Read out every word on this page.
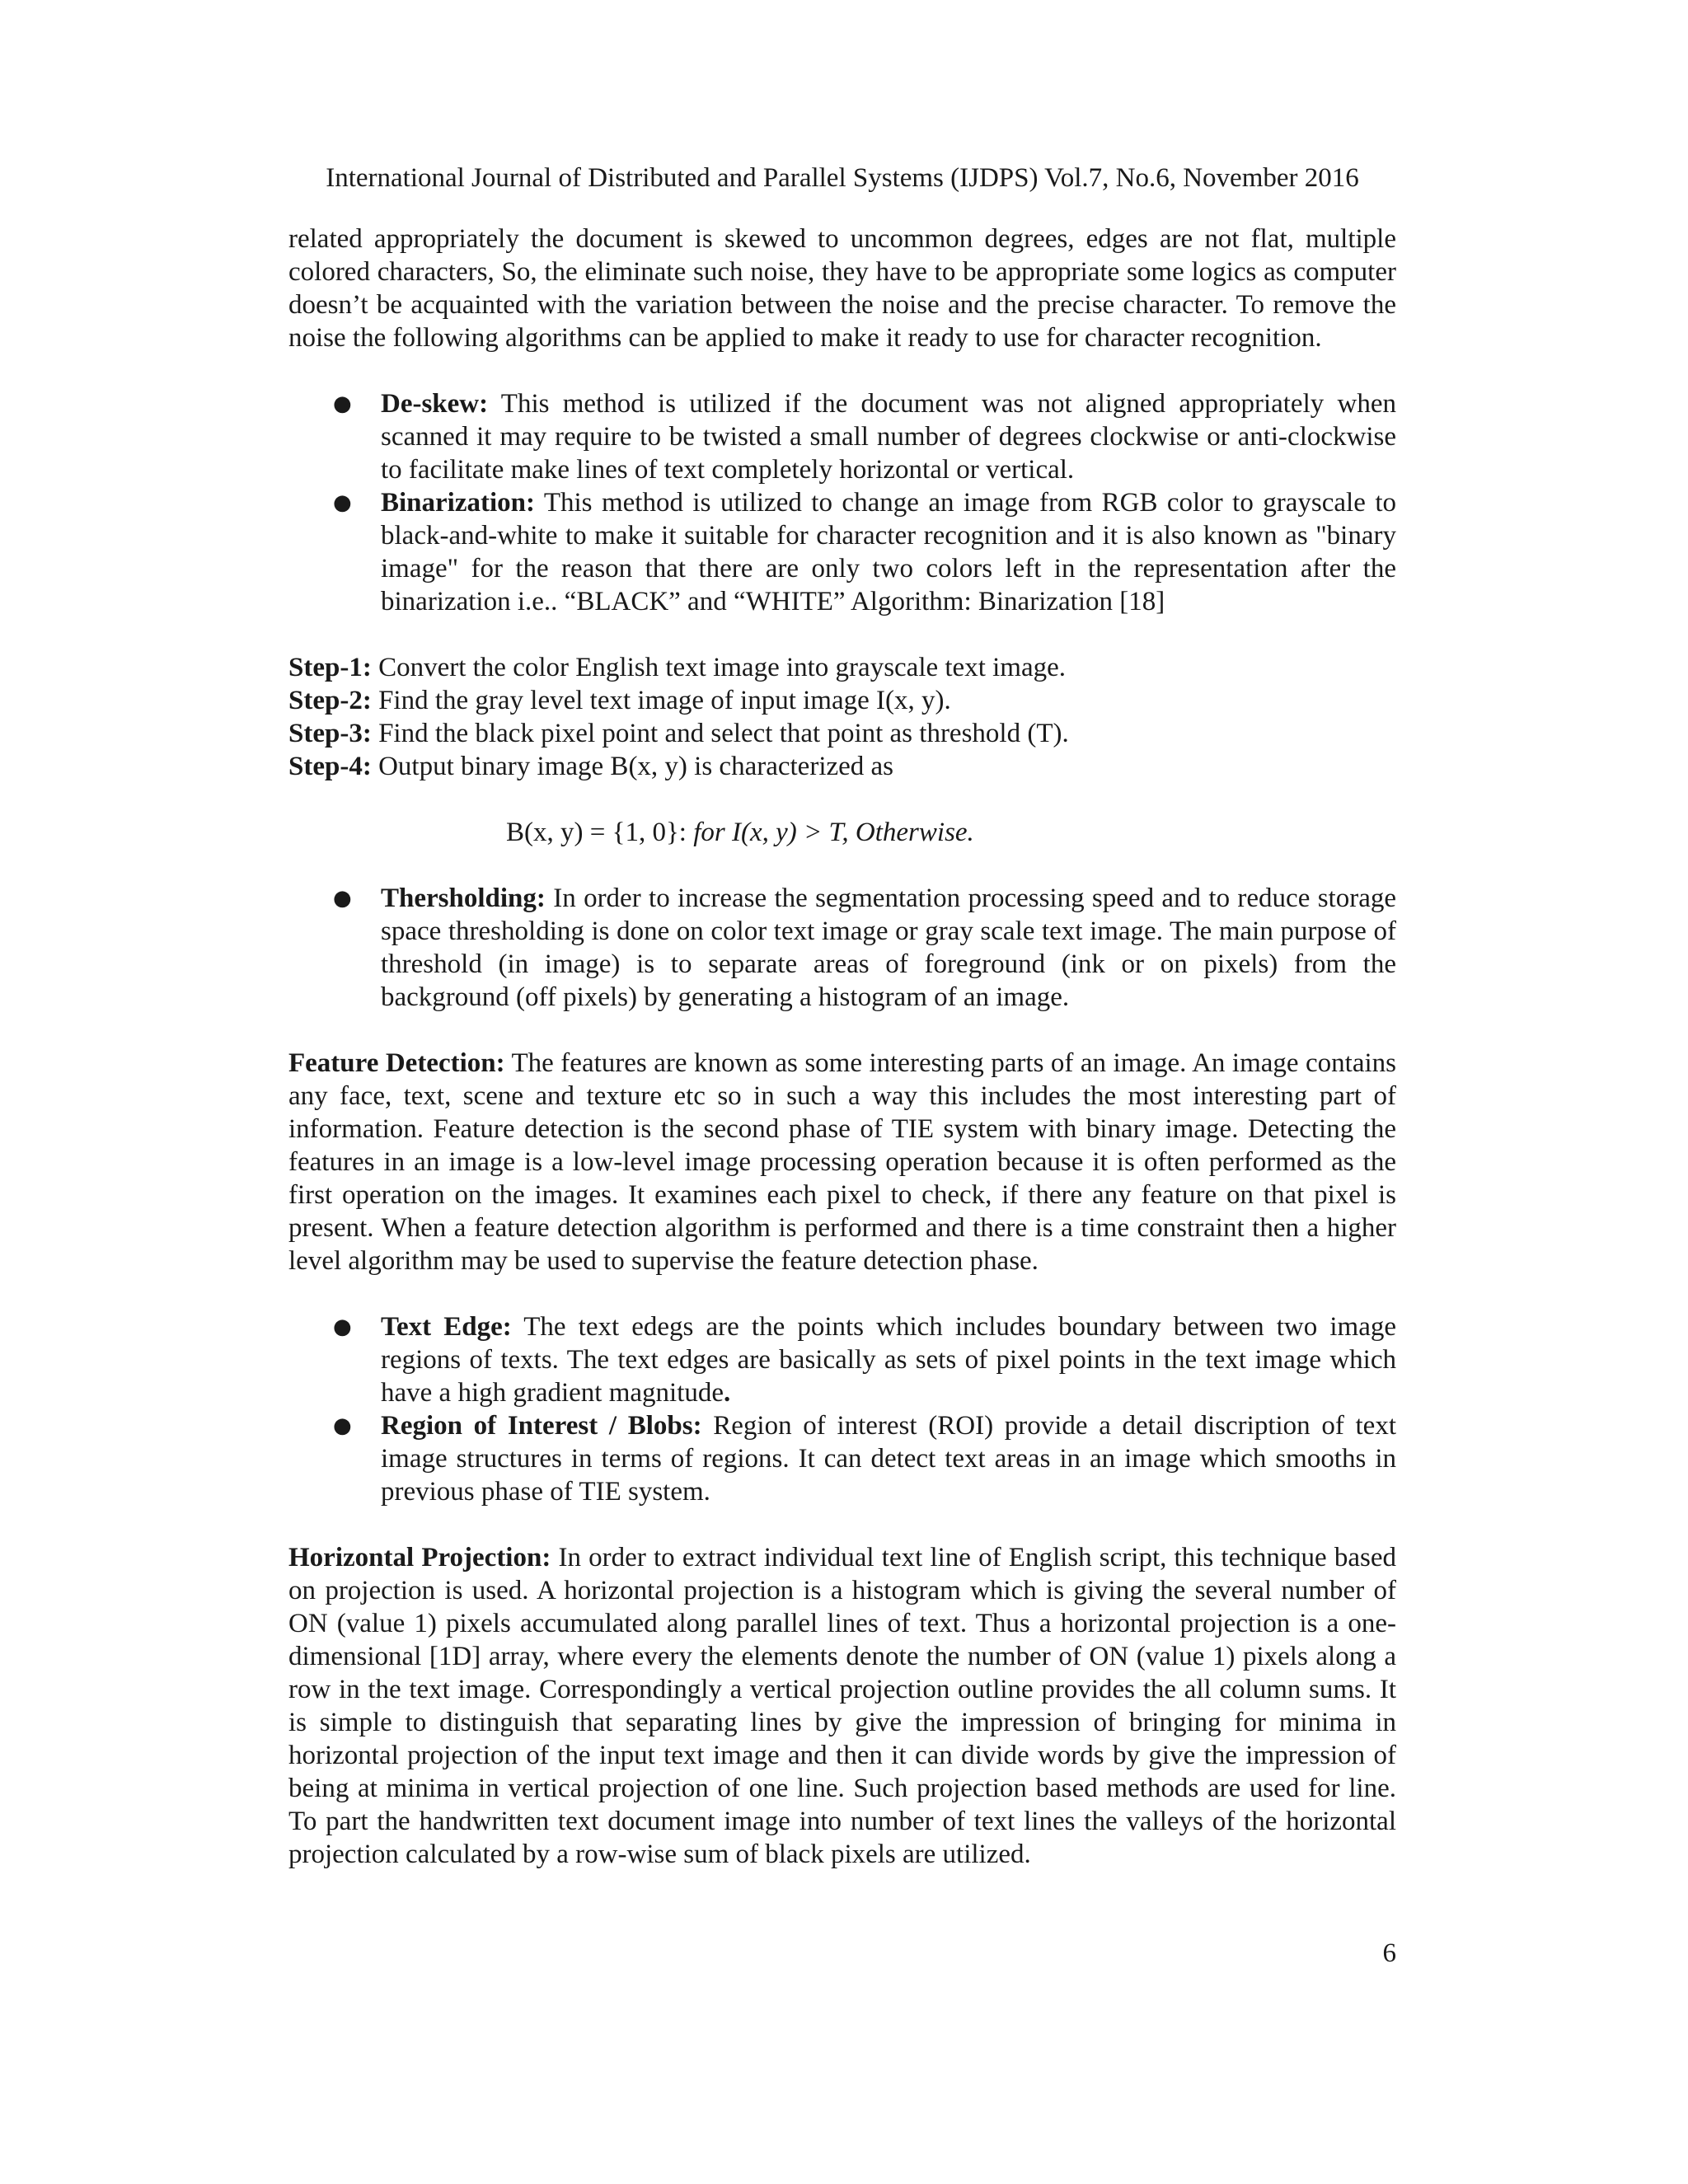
International Journal of Distributed and Parallel Systems (IJDPS) Vol.7, No.6, November 2016

related appropriately the document is skewed to uncommon degrees, edges are not flat, multiple colored characters, So, the eliminate such noise, they have to be appropriate some logics as computer doesn’t be acquainted with the variation between the noise and the precise character. To remove the noise the following algorithms can be applied to make it ready to use for character recognition.

● De-skew: This method is utilized if the document was not aligned appropriately when scanned it may require to be twisted a small number of degrees clockwise or anti-clockwise to facilitate make lines of text completely horizontal or vertical.
● Binarization: This method is utilized to change an image from RGB color to grayscale to black-and-white to make it suitable for character recognition and it is also known as "binary image" for the reason that there are only two colors left in the representation after the binarization i.e.. “BLACK” and “WHITE” Algorithm: Binarization [18]

Step-1: Convert the color English text image into grayscale text image.

Step-2: Find the gray level text image of input image I(x, y).

Step-3: Find the black pixel point and select that point as threshold (T).

Step-4: Output binary image B(x, y) is characterized as

B(x, y) = {1, 0}: for I(x, y) > T, Otherwise.

● Thersholding: In order to increase the segmentation processing speed and to reduce storage space thresholding is done on color text image or gray scale text image. The main purpose of threshold (in image) is to separate areas of foreground (ink or on pixels) from the background (off pixels) by generating a histogram of an image.

Feature Detection: The features are known as some interesting parts of an image. An image contains any face, text, scene and texture etc so in such a way this includes the most interesting part of information. Feature detection is the second phase of TIE system with binary image. Detecting the features in an image is a low-level image processing operation because it is often performed as the first operation on the images. It examines each pixel to check, if there any feature on that pixel is present. When a feature detection algorithm is performed and there is a time constraint then a higher level algorithm may be used to supervise the feature detection phase.

● Text Edge: The text edegs are the points which includes boundary between two image regions of texts. The text edges are basically as sets of pixel points in the text image which have a high gradient magnitude.
● Region of Interest / Blobs: Region of interest (ROI) provide a detail discription of text image structures in terms of regions. It can detect text areas in an image which smooths in previous phase of TIE system.

Horizontal Projection: In order to extract individual text line of English script, this technique based on projection is used. A horizontal projection is a histogram which is giving the several number of ON (value 1) pixels accumulated along parallel lines of text. Thus a horizontal projection is a one-dimensional [1D] array, where every the elements denote the number of ON (value 1) pixels along a row in the text image. Correspondingly a vertical projection outline provides the all column sums. It is simple to distinguish that separating lines by give the impression of bringing for minima in horizontal projection of the input text image and then it can divide words by give the impression of being at minima in vertical projection of one line. Such projection based methods are used for line. To part the handwritten text document image into number of text lines the valleys of the horizontal projection calculated by a row-wise sum of black pixels are utilized.

6
